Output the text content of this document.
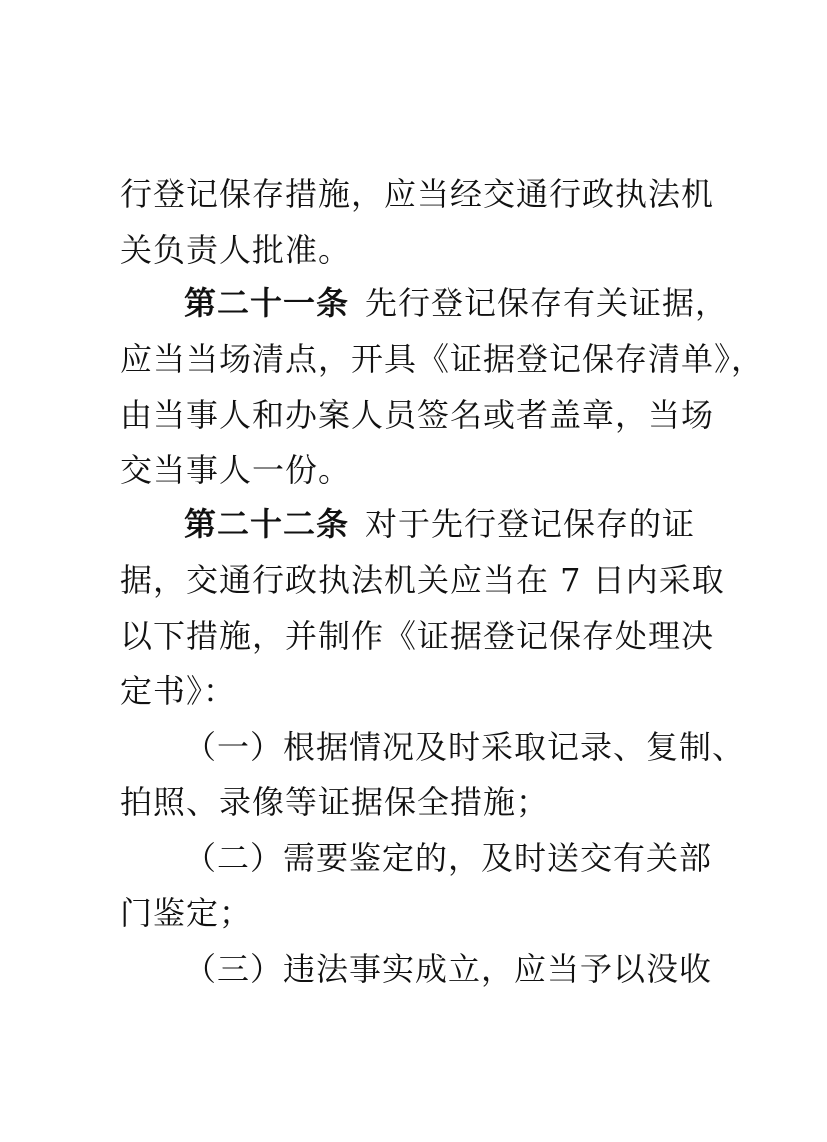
行登记保存措施，应当经交通行政执法机
关负责人批准。
第二十一条 先行登记保存有关证据，
应当当场清点，开具《证据登记保存清单》，
由当事人和办案人员签名或者盖章，当场
交当事人一份。
第二十二条 对于先行登记保存的证
据，交通行政执法机关应当在 7 日内采取
以下措施，并制作《证据登记保存处理决
定书》：
（一）根据情况及时采取记录、复制、
拍照、录像等证据保全措施；
（二）需要鉴定的，及时送交有关部
门鉴定；
（三）违法事实成立，应当予以没收
